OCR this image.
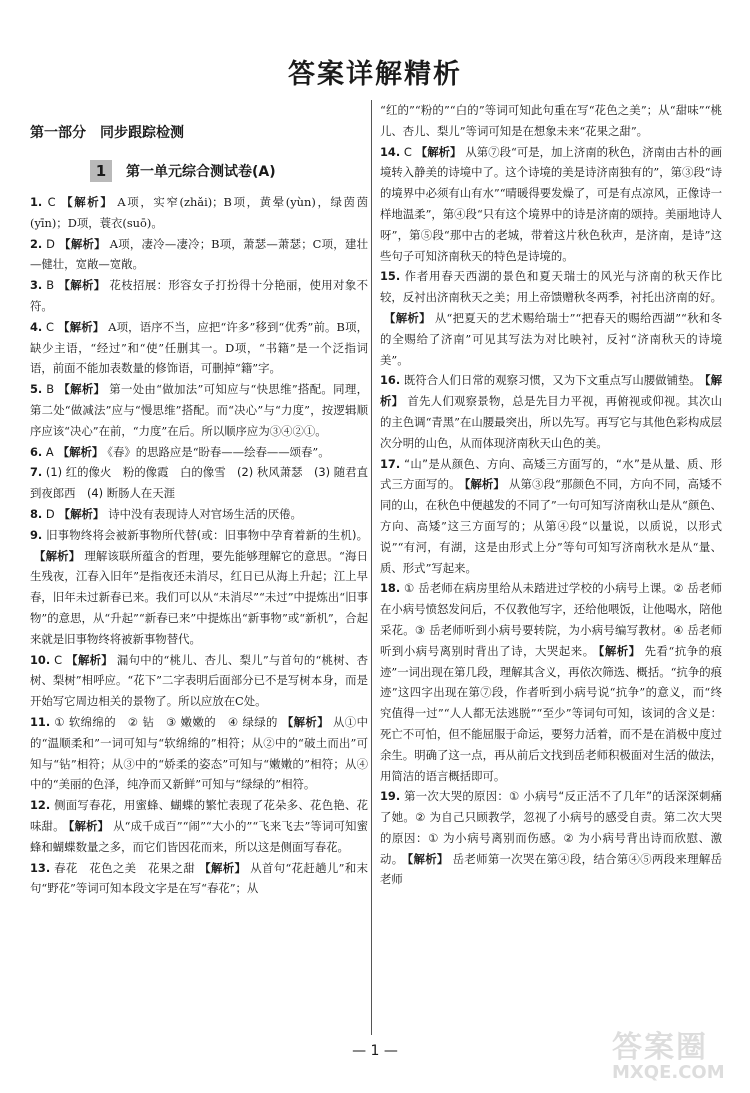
答案详解精析
第一部分　同步跟踪检测
1	第一单元综合测试卷(A)

1. C 【解析】 A项，实窄(zhǎi)；B项，黄晕(yùn)，绿茵茵(yīn)；D项，蓑衣(suō)。

2. D 【解析】 A项，凄冷—凄冷；B项，萧瑟—萧瑟；C项，建壮—健壮，宽敞—宽敞。

3. B 【解析】 花枝招展：形容女子打扮得十分艳丽，使用对象不符。

4. C 【解析】 A项，语序不当，应把“许多”移到“优秀”前。B项，缺少主语，“经过”和“使”任删其一。D项，“书籍”是一个泛指词语，前面不能加表数量的修饰语，可删掉“籍”字。

5. B 【解析】 第一处由“做加法”可知应与“快思维”搭配。同理，第二处“做减法”应与“慢思维”搭配。而“决心”与“力度”，按逻辑顺序应该“决心”在前，“力度”在后。所以顺序应为③④②①。

6. A 【解析】 《春》的思路应是“盼春——绘春——颂春”。

7. (1) 红的像火　粉的像霞　白的像雪　(2) 秋风萧瑟　(3) 随君直到夜郎西　(4) 断肠人在天涯

8. D 【解析】 诗中没有表现诗人对官场生活的厌倦。

9. 旧事物终将会被新事物所代替(或：旧事物中孕育着新的生机)。【解析】 理解该联所蕴含的哲理，要先能够理解它的意思。“海日生残夜，江春入旧年”是指夜还未消尽，红日已从海上升起；江上早春，旧年未过新春已来。我们可以从“未消尽”“未过”中提炼出“旧事物”的意思，从“升起”“新春已来”中提炼出“新事物”或“新机”，合起来就是旧事物终将被新事物替代。

10. C 【解析】 漏句中的“桃儿、杏儿、梨儿”与首句的“桃树、杏树、梨树”相呼应。“花下”二字表明后面部分已不是写树本身，而是开始写它周边相关的景物了。所以应放在C处。

11. ① 软绵绵的　② 钻　③ 嫩嫩的　④ 绿绿的 【解析】 从①中的“温顺柔和”一词可知与“软绵绵的”相符；从②中的“破土而出”可知与“钻”相符；从③中的“娇柔的姿态”可知与“嫩嫩的”相符；从④中的“美丽的色泽，纯净而又新鲜”可知与“绿绿的”相符。

12. 侧面写春花，用蜜蜂、蝴蝶的繁忙表现了花朵多、花色艳、花味甜。 【解析】 从“成千成百”“闹”“大小的”“飞来飞去”等词可知蜜蜂和蝴蝶数量之多，而它们皆因花而来，所以这是侧面写春花。

13. 春花　花色之美　花果之甜 【解析】 从首句“花赶趟儿”和末句“野花”等词可知本段文字是在写“春花”；从

“红的”“粉的”“白的”等词可知此句重在写“花色之美”；从“甜味”“桃儿、杏儿、梨儿”等词可知是在想象未来“花果之甜”。

14. C 【解析】 从第⑦段“可是，加上济南的秋色，济南由古朴的画境转入静美的诗境中了。这个诗境的美是诗济南独有的”，第③段“诗的境界中必须有山有水”“晴暖得要发燥了，可是有点凉风，正像诗一样地温柔”，第④段“只有这个境界中的诗是济南的颂持。美丽地诗人呀”，第⑤段“那中古的老城，带着这片秋色秋声，是济南，是诗”这些句子可知济南秋天的特色是诗境的。

15. 作者用春天西湖的景色和夏天瑞士的风光与济南的秋天作比较，反衬出济南秋天之美；用上帝馈赠秋冬两季，衬托出济南的好。【解析】 从“把夏天的艺术赐给瑞士”“把春天的赐给西湖”“秋和冬的全赐给了济南”可见其写法为对比映衬，反衬“济南秋天的诗境美”。

16. 既符合人们日常的观察习惯，又为下文重点写山腰做铺垫。 【解析】 首先人们观察景物，总是先目力平视，再俯视或仰视。其次山的主色调“青黑”在山腰最突出，所以先写。再写它与其他色彩构成层次分明的山色，从而体现济南秋天山色的美。

17. “山”是从颜色、方向、高矮三方面写的，“水”是从量、质、形式三方面写的。 【解析】 从第③段“那颜色不同，方向不同，高矮不同的山，在秋色中便越发的不同了”一句可知写济南秋山是从“颜色、方向、高矮”这三方面写的；从第④段“以量说，以质说，以形式说”“有河，有湖，这是由形式上分”等句可知写济南秋水是从“量、质、形式”写起来。

18. ① 岳老师在病房里给从未踏进过学校的小病号上课。② 岳老师在小病号愤怒发问后，不仅教他写字，还给他喂饭，让他喝水，陪他采花。③ 岳老师听到小病号要转院，为小病号编写教材。④ 岳老师听到小病号离别时背出了诗，大哭起来。 【解析】 先看“抗争的痕迹”一词出现在第几段，理解其含义，再依次筛选、概括。“抗争的痕迹”这四字出现在第⑦段，作者听到小病号说“抗争”的意义，而“终究值得一过”“人人都无法逃脱”“至少”等词句可知，该词的含义是：死亡不可怕，但不能屈服于命运，要努力活着，而不是在消极中度过余生。明确了这一点，再从前后文找到岳老师积极面对生活的做法，用简洁的语言概括即可。

19. 第一次大哭的原因：① 小病号“反正活不了几年”的话深深刺痛了她。② 为自己只顾教学，忽视了小病号的感受自责。第二次大哭的原因：① 为小病号离别而伤感。② 为小病号背出诗而欣慰、激动。 【解析】 岳老师第一次哭在第④段，结合第④⑤两段来理解岳老师

— 1 —	答案圈
MXQE.COM
